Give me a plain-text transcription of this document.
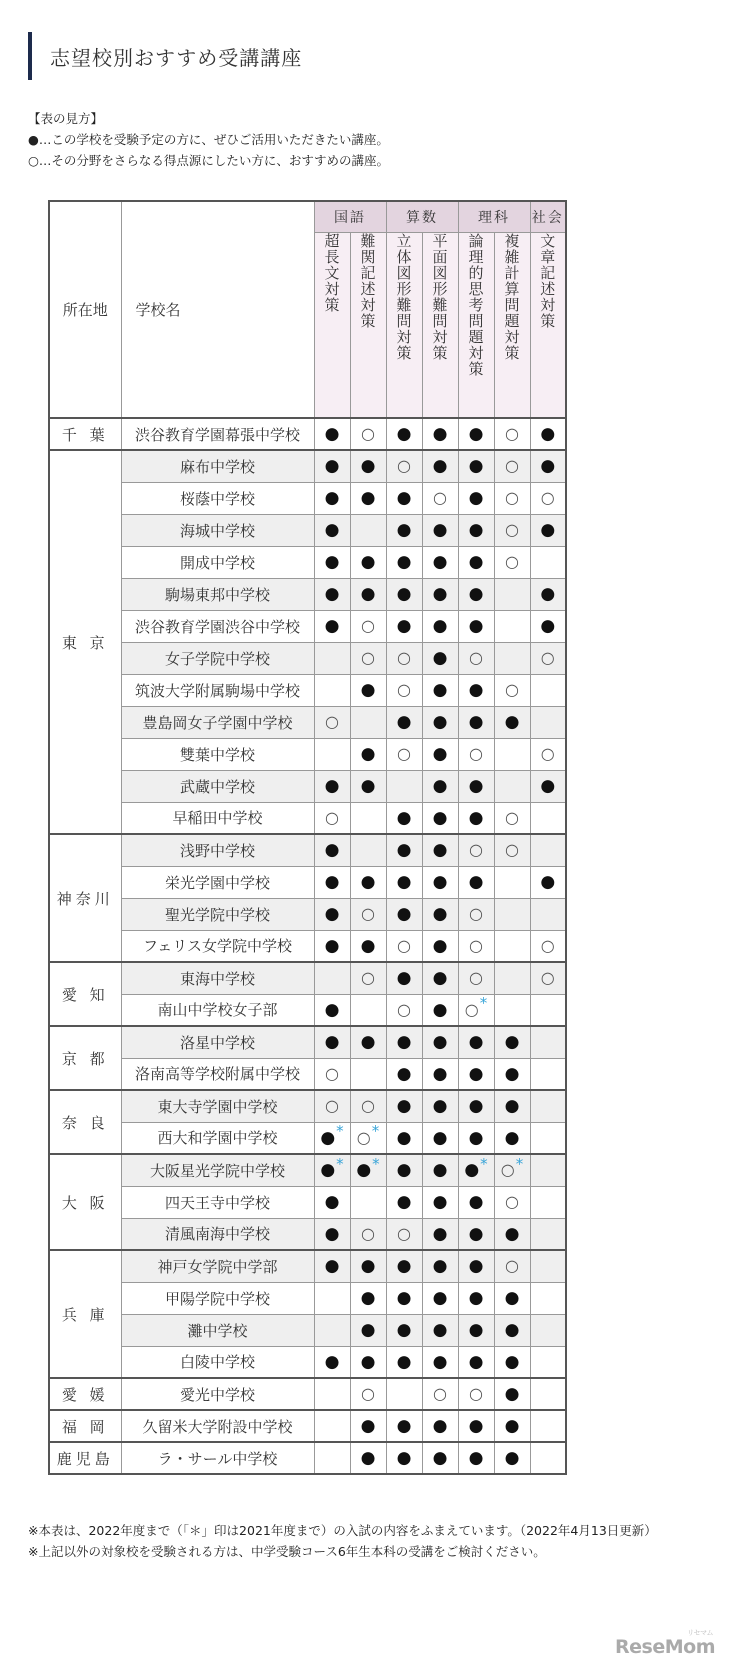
志望校別おすすめ受講講座
【表の見方】
●…この学校を受験予定の方に、ぜひご活用いただきたい講座。
○…その分野をさらなる得点源にしたい方に、おすすめの講座。
所在地	学校名	国語		算数		理科		社会
		超長文対策	難関記述対策	立体図形難問対策	平面図形難問対策	論理的思考問題対策	複雑計算問題対策	文章記述対策
千 葉	渋谷教育学園幕張中学校	●	○	●	●	●	○	●
東 京	麻布中学校	●	●	○	●	●	○	●
	桜蔭中学校	●	●	●	○	●	○	○
	海城中学校	●		●	●	●	○	●
	開成中学校	●	●	●	●	●	○	
	駒場東邦中学校	●	●	●	●	●		●
	渋谷教育学園渋谷中学校	●	○	●	●	●		●
	女子学院中学校		○	○	●	○		○
	筑波大学附属駒場中学校		●	○	●	●	○	
	豊島岡女子学園中学校	○		●	●	●	●	
	雙葉中学校		●	○	●	○		○
	武蔵中学校	●	●		●	●		●
	早稲田中学校	○		●	●	●	○	
神奈川	浅野中学校	●		●	●	○	○	
	栄光学園中学校	●	●	●	●	●		●
	聖光学院中学校	●	○	●	●	○		
	フェリス女学院中学校	●	●	○	●	○		○
愛 知	東海中学校		○	●	●	○		○
	南山中学校女子部	●		○	●	○*		
京 都	洛星中学校	●	●	●	●	●	●	
	洛南高等学校附属中学校	○		●	●	●	●	
奈 良	東大寺学園中学校	○	○	●	●	●	●	
	西大和学園中学校	●*	○*	●	●	●	●	
大 阪	大阪星光学院中学校	●*	●*	●	●	●*	○*	
	四天王寺中学校	●		●	●	●	○	
	清風南海中学校	●	○	○	●	●	●	
兵 庫	神戸女学院中学部	●	●	●	●	●	○	
	甲陽学院中学校		●	●	●	●	●	
	灘中学校		●	●	●	●	●	
	白陵中学校	●	●	●	●	●	●	
愛 媛	愛光中学校		○		○	○	●	
福 岡	久留米大学附設中学校		●	●	●	●	●	
鹿児島	ラ・サール中学校		●	●	●	●	●	
※本表は、2022年度まで（「＊」印は2021年度まで）の入試の内容をふまえています。（2022年4月13日更新）
※上記以外の対象校を受験される方は、中学受験コース6年生本科の受講をご検討ください。
リセマム
ReseMom
